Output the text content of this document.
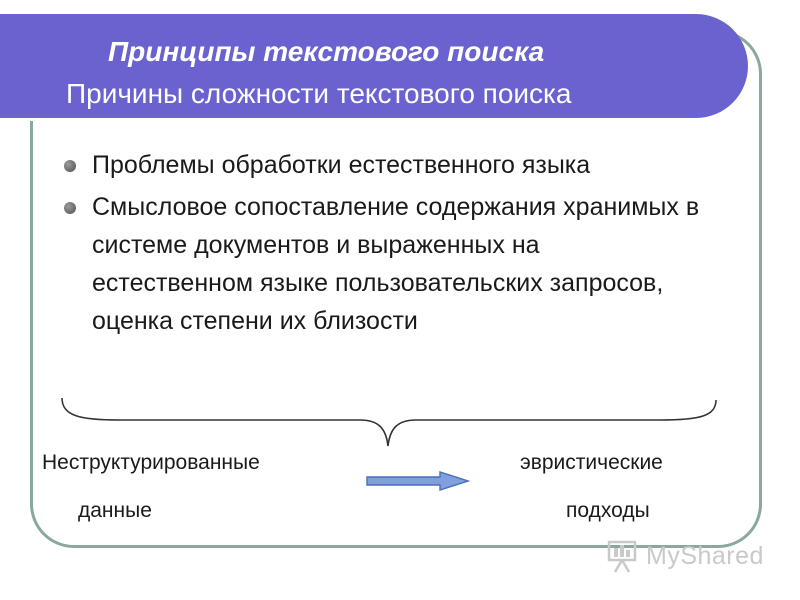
Принципы текстового поиска
Причины сложности текстового поиска
Проблемы обработки естественного языка
Смысловое сопоставление содержания хранимых в системе документов и выраженных на естественном языке пользовательских запросов, оценка степени их близости
Неструктурированные
данные
эвристические
подходы
MyShared
